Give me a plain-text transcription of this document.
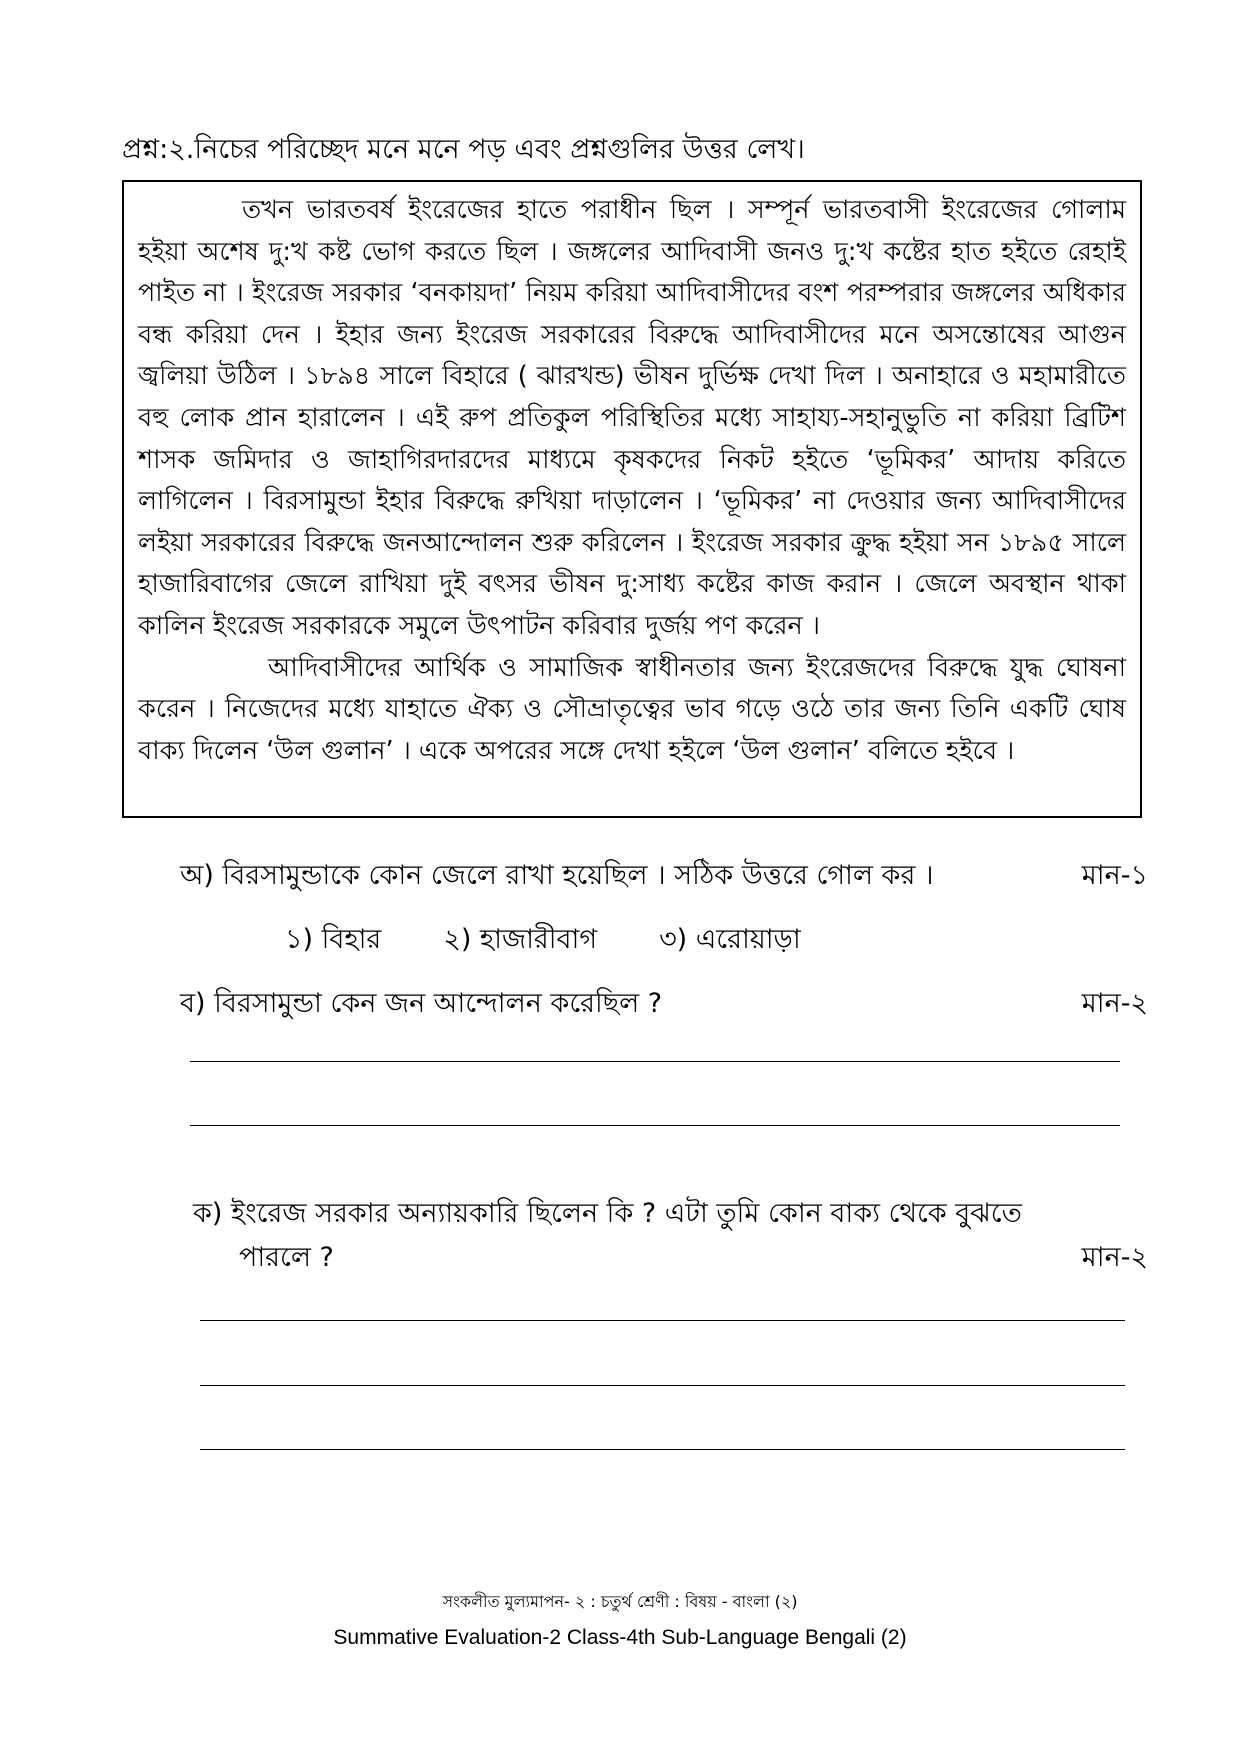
প্রশ্ন:২.নিচের পরিচ্ছেদ মনে মনে পড় এবং প্রশ্নগুলির উত্তর লেখ।

তখন ভারতবর্ষ ইংরেজের হাতে পরাধীন ছিল । সম্পূর্ন ভারতবাসী ইংরেজের গোলাম হইয়া অশেষ দু:খ কষ্ট ভোগ করতে ছিল । জঙ্গলের আদিবাসী জনও দু:খ কষ্টের হাত হইতে রেহাই পাইত না । ইংরেজ সরকার ‘বনকায়দা’ নিয়ম করিয়া আদিবাসীদের বংশ পরম্পরার জঙ্গলের অধিকার বন্ধ করিয়া দেন । ইহার জন্য ইংরেজ সরকারের বিরুদ্ধে আদিবাসীদের মনে অসন্তোষের আগুন জ্বলিয়া উঠিল । ১৮৯৪ সালে বিহারে ( ঝারখন্ড) ভীষন দুর্ভিক্ষ দেখা দিল । অনাহারে ও মহামারীতে বহু লোক প্রান হারালেন । এই রুপ প্রতিকুল পরিস্থিতির মধ্যে সাহায্য-সহানুভুতি না করিয়া ব্রিটিশ শাসক জমিদার ও জাহাগিরদারদের মাধ্যমে কৃষকদের নিকট হইতে ‘ভূমিকর’ আদায় করিতে লাগিলেন । বিরসামুন্ডা ইহার বিরুদ্ধে রুখিয়া দাড়ালেন । ‘ভূমিকর’ না দেওয়ার জন্য আদিবাসীদের লইয়া সরকারের বিরুদ্ধে জনআন্দোলন শুরু করিলেন । ইংরেজ সরকার ক্রুদ্ধ হইয়া সন ১৮৯৫ সালে হাজারিবাগের জেলে রাখিয়া দুই বৎসর ভীষন দু:সাধ্য কষ্টের কাজ করান । জেলে অবস্থান থাকা কালিন ইংরেজ সরকারকে সমুলে উৎপাটন করিবার দুর্জয় পণ করেন ।

আদিবাসীদের আর্থিক ও সামাজিক স্বাধীনতার জন্য ইংরেজদের বিরুদ্ধে যুদ্ধ ঘোষনা করেন । নিজেদের মধ্যে যাহাতে ঐক্য ও সৌভ্রাতৃত্বের ভাব গড়ে ওঠে তার জন্য তিনি একটি ঘোষ বাক্য দিলেন ‘উল গুলান’ । একে অপরের সঙ্গে দেখা হইলে ‘উল গুলান’ বলিতে হইবে ।

অ) বিরসামুন্ডাকে কোন জেলে রাখা হয়েছিল । সঠিক উত্তরে গোল কর ।	মান-১
১) বিহার ২) হাজারীবাগ ৩) এরোয়াড়া
ব) বিরসামুন্ডা কেন জন আন্দোলন করেছিল ?	মান-২
ক) ইংরেজ সরকার অন্যায়কারি ছিলেন কি ? এটা তুমি কোন বাক্য থেকে বুঝতে
পারলে ?	মান-২
সংকলীত মুল্যমাপন- ২ : চতুর্থ শ্রেণী : বিষয় - বাংলা (২)
Summative Evaluation-2 Class-4th Sub-Language Bengali (2)
